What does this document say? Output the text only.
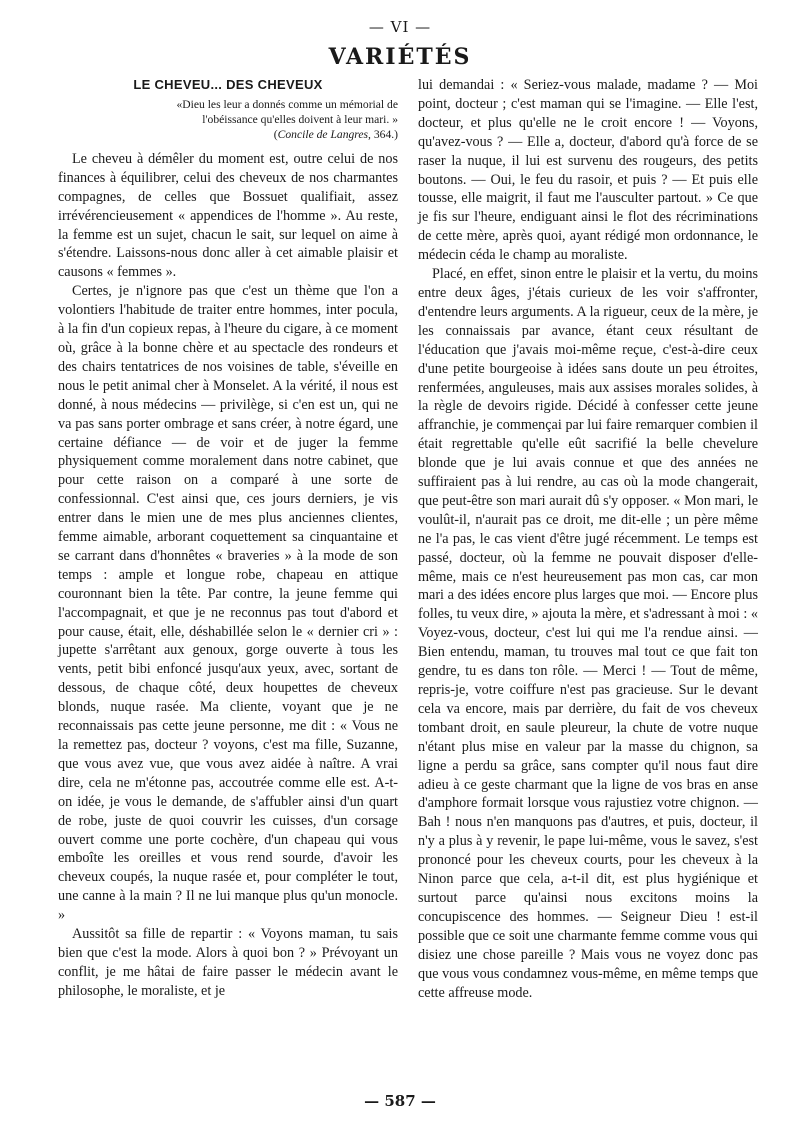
— VI —
VARIÉTÉS
LE CHEVEU... DES CHEVEUX
«Dieu les leur a donnés comme un mémorial de l'obéissance qu'elles doivent à leur mari. »
(Concile de Langres, 364.)

Le cheveu à démêler du moment est, outre celui de nos finances à équilibrer, celui des cheveux de nos charmantes compagnes, de celles que Bossuet qualifiait, assez irrévérencieusement « appendices de l'homme ». Au reste, la femme est un sujet, chacun le sait, sur lequel on aime à s'étendre. Laissons-nous donc aller à cet aimable plaisir et causons « femmes ».

Certes, je n'ignore pas que c'est un thème que l'on a volontiers l'habitude de traiter entre hommes, inter pocula, à la fin d'un copieux repas, à l'heure du cigare, à ce moment où, grâce à la bonne chère et au spectacle des rondeurs et des chairs tentatrices de nos voisines de table, s'éveille en nous le petit animal cher à Monselet. A la vérité, il nous est donné, à nous médecins — privilège, si c'en est un, qui ne va pas sans porter ombrage et sans créer, à notre égard, une certaine défiance — de voir et de juger la femme physiquement comme moralement dans notre cabinet, que pour cette raison on a comparé à une sorte de confessionnal. C'est ainsi que, ces jours derniers, je vis entrer dans le mien une de mes plus anciennes clientes, femme aimable, arborant coquettement sa cinquantaine et se carrant dans d'honnêtes « braveries » à la mode de son temps : ample et longue robe, chapeau en attique couronnant bien la tête. Par contre, la jeune femme qui l'accompagnait, et que je ne reconnus pas tout d'abord et pour cause, était, elle, déshabillée selon le « dernier cri » : jupette s'arrêtant aux genoux, gorge ouverte à tous les vents, petit bibi enfoncé jusqu'aux yeux, avec, sortant de dessous, de chaque côté, deux houpettes de cheveux blonds, nuque rasée. Ma cliente, voyant que je ne reconnaissais pas cette jeune personne, me dit : « Vous ne la remettez pas, docteur ? voyons, c'est ma fille, Suzanne, que vous avez vue, que vous avez aidée à naître. A vrai dire, cela ne m'étonne pas, accoutrée comme elle est. A-t-on idée, je vous le demande, de s'affubler ainsi d'un quart de robe, juste de quoi couvrir les cuisses, d'un corsage ouvert comme une porte cochère, d'un chapeau qui vous emboîte les oreilles et vous rend sourde, d'avoir les cheveux coupés, la nuque rasée et, pour compléter le tout, une canne à la main ? Il ne lui manque plus qu'un monocle. »

Aussitôt sa fille de repartir : « Voyons maman, tu sais bien que c'est la mode. Alors à quoi bon ? » Prévoyant un conflit, je me hâtai de faire passer le médecin avant le philosophe, le moraliste, et je

lui demandai : « Seriez-vous malade, madame ? — Moi point, docteur ; c'est maman qui se l'imagine. — Elle l'est, docteur, et plus qu'elle ne le croit encore ! — Voyons, qu'avez-vous ? — Elle a, docteur, d'abord qu'à force de se raser la nuque, il lui est survenu des rougeurs, des petits boutons. — Oui, le feu du rasoir, et puis ? — Et puis elle tousse, elle maigrit, il faut me l'ausculter partout. » Ce que je fis sur l'heure, endiguant ainsi le flot des récriminations de cette mère, après quoi, ayant rédigé mon ordonnance, le médecin céda le champ au moraliste.

Placé, en effet, sinon entre le plaisir et la vertu, du moins entre deux âges, j'étais curieux de les voir s'affronter, d'entendre leurs arguments. A la rigueur, ceux de la mère, je les connaissais par avance, étant ceux résultant de l'éducation que j'avais moi-même reçue, c'est-à-dire ceux d'une petite bourgeoise à idées sans doute un peu étroites, renfermées, anguleuses, mais aux assises morales solides, à la règle de devoirs rigide. Décidé à confesser cette jeune affranchie, je commençai par lui faire remarquer combien il était regrettable qu'elle eût sacrifié la belle chevelure blonde que je lui avais connue et que des années ne suffiraient pas à lui rendre, au cas où la mode changerait, que peut-être son mari aurait dû s'y opposer. « Mon mari, le voulût-il, n'aurait pas ce droit, me dit-elle ; un père même ne l'a pas, le cas vient d'être jugé récemment. Le temps est passé, docteur, où la femme ne pouvait disposer d'elle-même, mais ce n'est heureusement pas mon cas, car mon mari a des idées encore plus larges que moi. — Encore plus folles, tu veux dire, » ajouta la mère, et s'adressant à moi : « Voyez-vous, docteur, c'est lui qui me l'a rendue ainsi. — Bien entendu, maman, tu trouves mal tout ce que fait ton gendre, tu es dans ton rôle. — Merci ! — Tout de même, repris-je, votre coiffure n'est pas gracieuse. Sur le devant cela va encore, mais par derrière, du fait de vos cheveux tombant droit, en saule pleureur, la chute de votre nuque n'étant plus mise en valeur par la masse du chignon, sa ligne a perdu sa grâce, sans compter qu'il nous faut dire adieu à ce geste charmant que la ligne de vos bras en anse d'amphore formait lorsque vous rajustiez votre chignon. — Bah ! nous n'en manquons pas d'autres, et puis, docteur, il n'y a plus à y revenir, le pape lui-même, vous le savez, s'est prononcé pour les cheveux courts, pour les cheveux à la Ninon parce que cela, a-t-il dit, est plus hygiénique et surtout parce qu'ainsi nous excitons moins la concupiscence des hommes. — Seigneur Dieu ! est-il possible que ce soit une charmante femme comme vous qui disiez une chose pareille ? Mais vous ne voyez donc pas que vous vous condamnez vous-même, en même temps que cette affreuse mode.

— 587 —
